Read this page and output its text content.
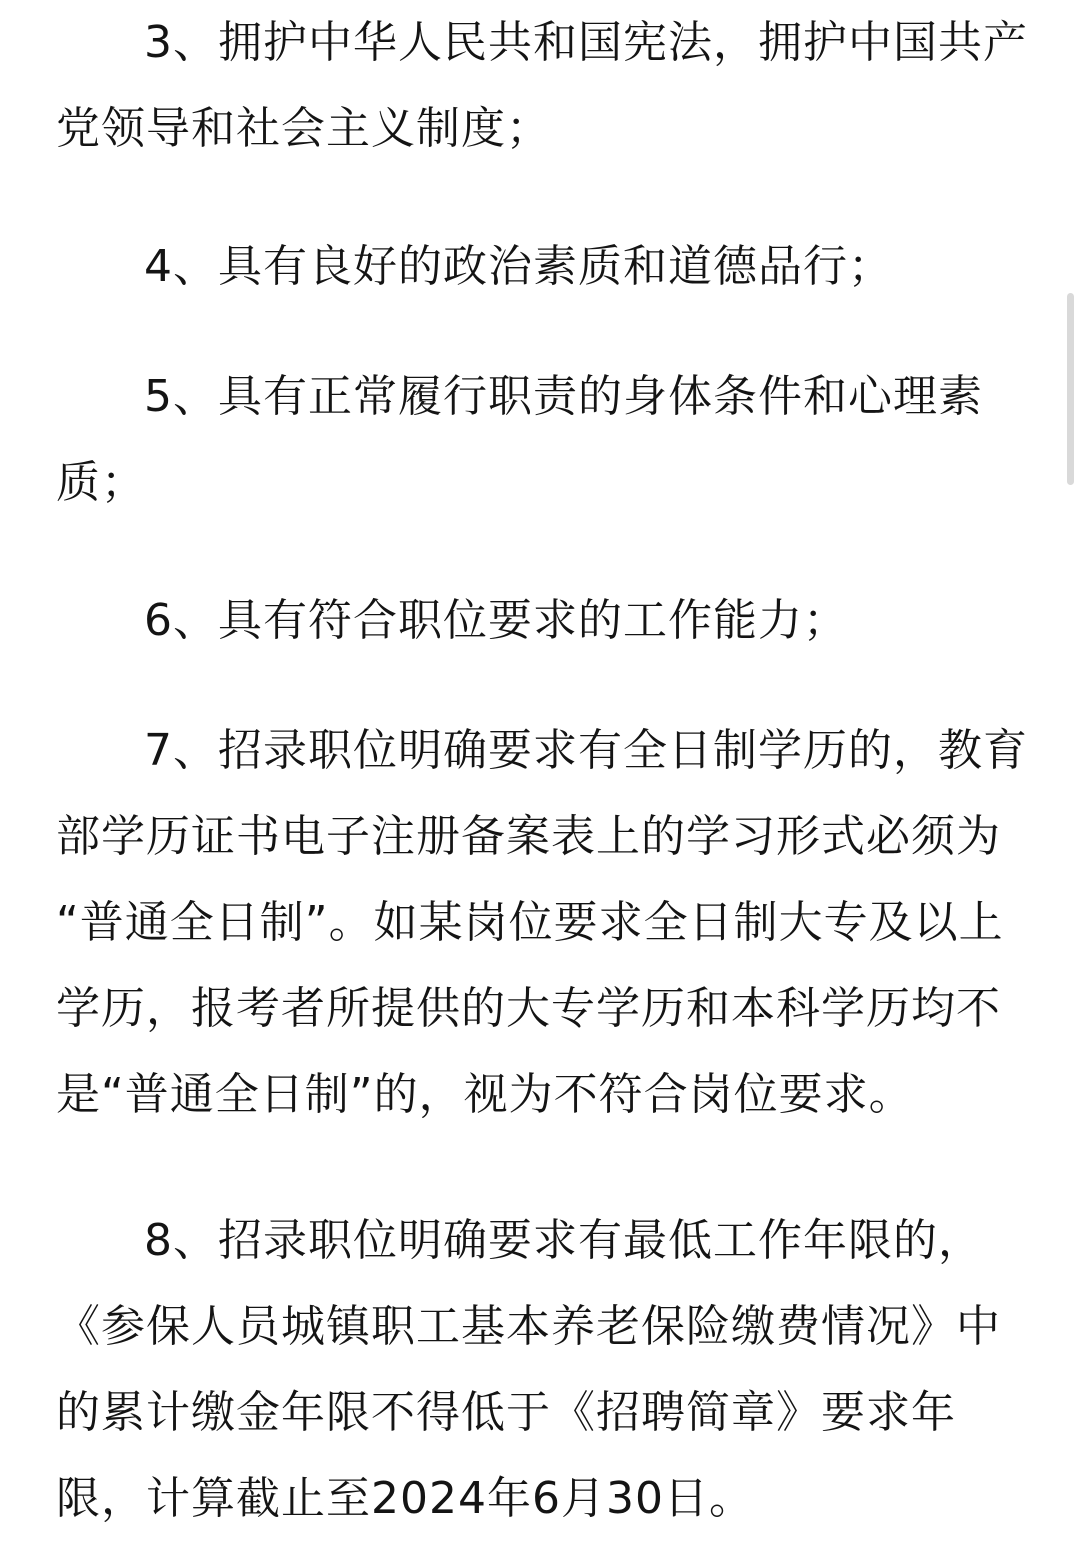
3、拥护中华人民共和国宪法，拥护中国共产
党领导和社会主义制度；

4、具有良好的政治素质和道德品行；

5、具有正常履行职责的身体条件和心理素
质；

6、具有符合职位要求的工作能力；

7、招录职位明确要求有全日制学历的，教育
部学历证书电子注册备案表上的学习形式必须为
“普通全日制”。如某岗位要求全日制大专及以上
学历，报考者所提供的大专学历和本科学历均不
是“普通全日制”的，视为不符合岗位要求。

8、招录职位明确要求有最低工作年限的，
《参保人员城镇职工基本养老保险缴费情况》中
的累计缴金年限不得低于《招聘简章》要求年
限，计算截止至2024年6月30日。
